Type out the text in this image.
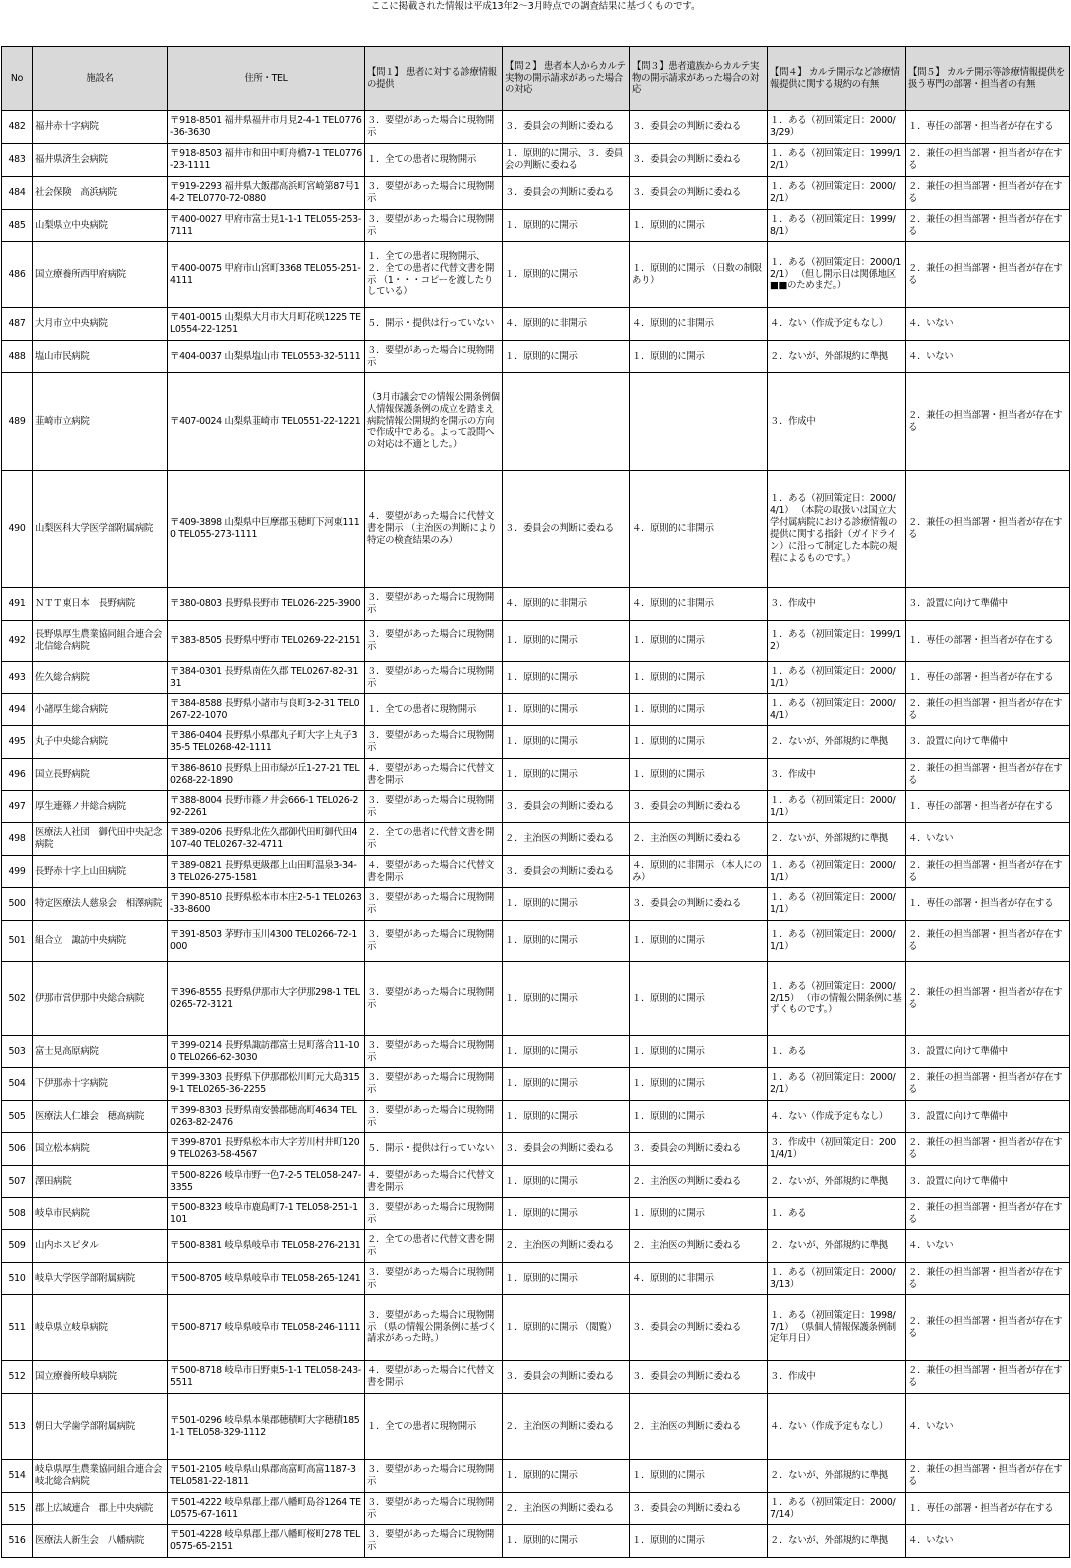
ここに掲載された情報は平成13年2〜3月時点での調査結果に基づくものです。
No	施設名	住所・TEL	【問１】 患者に対する診療情報の提供	【問２】 患者本人からカルテ実物の開示請求があった場合の対応	【問３】患者遺族からカルテ実物の開示請求があった場合の対応	【問４】 カルテ開示など診療情報提供に関する規約の有無	【問５】 カルテ開示等診療情報提供を扱う専門の部署・担当者の有無
482	福井赤十字病院	〒918-8501 福井県福井市月見2-4-1 TEL0776-36-3630	３．要望があった場合に現物開示	３．委員会の判断に委ねる	３．委員会の判断に委ねる	１．ある（初回策定日：2000/3/29）	１．専任の部署・担当者が存在する
483	福井県済生会病院	〒918-8503 福井市和田中町舟橋7-1 TEL0776-23-1111	１．全ての患者に現物開示	１．原則的に開示、３．委員会の判断に委ねる	３．委員会の判断に委ねる	１．ある（初回策定日：1999/12/1）	２．兼任の担当部署・担当者が存在する
484	社会保険　高浜病院	〒919-2293 福井県大飯郡高浜町宮崎第87号14-2 TEL0770-72-0880	３．要望があった場合に現物開示	３．委員会の判断に委ねる	３．委員会の判断に委ねる	１．ある（初回策定日：2000/2/1）	２．兼任の担当部署・担当者が存在する
485	山梨県立中央病院	〒400-0027 甲府市富士見1-1-1 TEL055-253-7111	３．要望があった場合に現物開示	１．原則的に開示	１．原則的に開示	１．ある（初回策定日：1999/8/1）	２．兼任の担当部署・担当者が存在する
486	国立療養所西甲府病院	〒400-0075 甲府市山宮町3368 TEL055-251-4111	１．全ての患者に現物開示、２．全ての患者に代替文書を開示 （1・・・コピーを渡したりしている）	１．原則的に開示	１．原則的に開示 （日数の制限あり）	１．ある（初回策定日：2000/12/1） （但し開示日は関係地区■■のためまだ。）	２．兼任の担当部署・担当者が存在する
487	大月市立中央病院	〒401-0015 山梨県大月市大月町花咲1225 TEL0554-22-1251	５．開示・提供は行っていない	４．原則的に非開示	４．原則的に非開示	４．ない（作成予定もなし）	４．いない
488	塩山市民病院	〒404-0037 山梨県塩山市 TEL0553-32-5111	３．要望があった場合に現物開示	１．原則的に開示	１．原則的に開示	２．ないが、外部規約に準拠	４．いない
489	韮崎市立病院	〒407-0024 山梨県韮崎市 TEL0551-22-1221	（3月市議会での情報公開条例個人情報保護条例の成立を踏まえ病院情報公開規約を開示の方向で作成中である。よって設問への対応は不適とした。）			３．作成中	２．兼任の担当部署・担当者が存在する
490	山梨医科大学医学部附属病院	〒409-3898 山梨県中巨摩郡玉穂町下河東1110 TEL055-273-1111	４．要望があった場合に代替文書を開示 （主治医の判断により特定の検査結果のみ）	３．委員会の判断に委ねる	４．原則的に非開示	１．ある（初回策定日：2000/4/1） （本院の取扱いは国立大学付属病院における診療情報の提供に関する指針（ガイドライン）に沿って制定した本院の規程によるものです。）	２．兼任の担当部署・担当者が存在する
491	ＮＴＴ東日本　長野病院	〒380-0803 長野県長野市 TEL026-225-3900	３．要望があった場合に現物開示	４．原則的に非開示	４．原則的に非開示	３．作成中	３．設置に向けて準備中
492	長野県厚生農業協同組合連合会　北信総合病院	〒383-8505 長野県中野市 TEL0269-22-2151	３．要望があった場合に現物開示	１．原則的に開示	１．原則的に開示	１．ある（初回策定日：1999/12）	１．専任の部署・担当者が存在する
493	佐久総合病院	〒384-0301 長野県南佐久郡 TEL0267-82-3131	３．要望があった場合に現物開示	１．原則的に開示	１．原則的に開示	１．ある（初回策定日：2000/1/1）	１．専任の部署・担当者が存在する
494	小諸厚生総合病院	〒384-8588 長野県小諸市与良町3-2-31 TEL0267-22-1070	１．全ての患者に現物開示	１．原則的に開示	１．原則的に開示	１．ある（初回策定日：2000/4/1）	２．兼任の担当部署・担当者が存在する
495	丸子中央総合病院	〒386-0404 長野県小県郡丸子町大字上丸子335-5 TEL0268-42-1111	３．要望があった場合に現物開示	１．原則的に開示	１．原則的に開示	２．ないが、外部規約に準拠	３．設置に向けて準備中
496	国立長野病院	〒386-8610 長野県上田市緑が丘1-27-21 TEL0268-22-1890	４．要望があった場合に代替文書を開示	１．原則的に開示	１．原則的に開示	３．作成中	２．兼任の担当部署・担当者が存在する
497	厚生連篠ノ井総合病院	〒388-8004 長野市篠ノ井会666-1 TEL026-292-2261	３．要望があった場合に現物開示	３．委員会の判断に委ねる	３．委員会の判断に委ねる	１．ある（初回策定日：2000/1/1）	１．専任の部署・担当者が存在する
498	医療法人社団　御代田中央記念病院	〒389-0206 長野県北佐久郡御代田町御代田4107-40 TEL0267-32-4711	２．全ての患者に代替文書を開示	２．主治医の判断に委ねる	２．主治医の判断に委ねる	２．ないが、外部規約に準拠	４．いない
499	長野赤十字上山田病院	〒389-0821 長野県更級郡上山田町温泉3-34-3 TEL026-275-1581	４．要望があった場合に代替文書を開示	３．委員会の判断に委ねる	４．原則的に非開示 （本人にのみ）	１．ある（初回策定日：2000/1/1）	２．兼任の担当部署・担当者が存在する
500	特定医療法人慈泉会　相澤病院	〒390-8510 長野県松本市本庄2-5-1 TEL0263-33-8600	３．要望があった場合に現物開示	１．原則的に開示	３．委員会の判断に委ねる	１．ある（初回策定日：2000/1/1）	１．専任の部署・担当者が存在する
501	組合立　諏訪中央病院	〒391-8503 茅野市玉川4300 TEL0266-72-1000	３．要望があった場合に現物開示	１．原則的に開示	１．原則的に開示	１．ある（初回策定日：2000/1/1）	２．兼任の担当部署・担当者が存在する
502	伊那市営伊那中央総合病院	〒396-8555 長野県伊那市大字伊那298-1 TEL0265-72-3121	３．要望があった場合に現物開示	１．原則的に開示	１．原則的に開示	１．ある（初回策定日：2000/2/15） （市の情報公開条例に基ずくものです。）	２．兼任の担当部署・担当者が存在する
503	富士見高原病院	〒399-0214 長野県諏訪郡富士見町落合11-100 TEL0266-62-3030	３．要望があった場合に現物開示	１．原則的に開示	１．原則的に開示	１．ある	３．設置に向けて準備中
504	下伊那赤十字病院	〒399-3303 長野県下伊那郡松川町元大島3159-1 TEL0265-36-2255	３．要望があった場合に現物開示	１．原則的に開示	１．原則的に開示	１．ある（初回策定日：2000/2/1）	２．兼任の担当部署・担当者が存在する
505	医療法人仁雄会　穂高病院	〒399-8303 長野県南安曇郡穂高町4634 TEL0263-82-2476	３．要望があった場合に現物開示	１．原則的に開示	１．原則的に開示	４．ない（作成予定もなし）	３．設置に向けて準備中
506	国立松本病院	〒399-8701 長野県松本市大字芳川村井町1209 TEL0263-58-4567	５．開示・提供は行っていない	３．委員会の判断に委ねる	３．委員会の判断に委ねる	３．作成中（初回策定日：2001/4/1）	２．兼任の担当部署・担当者が存在する
507	澤田病院	〒500-8226 岐阜市野一色7-2-5 TEL058-247-3355	４．要望があった場合に代替文書を開示	１．原則的に開示	２．主治医の判断に委ねる	２．ないが、外部規約に準拠	３．設置に向けて準備中
508	岐阜市民病院	〒500-8323 岐阜市鹿島町7-1 TEL058-251-1101	３．要望があった場合に現物開示	１．原則的に開示	１．原則的に開示	１．ある	２．兼任の担当部署・担当者が存在する
509	山内ホスピタル	〒500-8381 岐阜県岐阜市 TEL058-276-2131	２．全ての患者に代替文書を開示	２．主治医の判断に委ねる	２．主治医の判断に委ねる	２．ないが、外部規約に準拠	４．いない
510	岐阜大学医学部附属病院	〒500-8705 岐阜県岐阜市 TEL058-265-1241	３．要望があった場合に現物開示	１．原則的に開示	４．原則的に非開示	１．ある（初回策定日：2000/3/13）	２．兼任の担当部署・担当者が存在する
511	岐阜県立岐阜病院	〒500-8717 岐阜県岐阜市 TEL058-246-1111	３．要望があった場合に現物開示 （県の情報公開条例に基づく請求があった時。）	１．原則的に開示 （閲覧）	３．委員会の判断に委ねる	１．ある（初回策定日：1998/7/1） （県個人情報保護条例制定年月日）	２．兼任の担当部署・担当者が存在する
512	国立療養所岐阜病院	〒500-8718 岐阜市日野東5-1-1 TEL058-243-5511	４．要望があった場合に代替文書を開示	３．委員会の判断に委ねる	３．委員会の判断に委ねる	３．作成中	２．兼任の担当部署・担当者が存在する
513	朝日大学歯学部附属病院	〒501-0296 岐阜県本巣郡穂積町大字穂積1851-1 TEL058-329-1112	１．全ての患者に現物開示	２．主治医の判断に委ねる	２．主治医の判断に委ねる	４．ない（作成予定もなし）	４．いない
514	岐阜県厚生農業協同組合連合会　岐北総合病院	〒501-2105 岐阜県山県郡高富町高富1187-3 TEL0581-22-1811	３．要望があった場合に現物開示	１．原則的に開示	１．原則的に開示	２．ないが、外部規約に準拠	２．兼任の担当部署・担当者が存在する
515	郡上広域連合　郡上中央病院	〒501-4222 岐阜県郡上郡八幡町島谷1264 TEL0575-67-1611	３．要望があった場合に現物開示	２．主治医の判断に委ねる	３．委員会の判断に委ねる	１．ある（初回策定日：2000/7/14）	１．専任の部署・担当者が存在する
516	医療法人新生会　八幡病院	〒501-4228 岐阜県郡上郡八幡町桜町278 TEL0575-65-2151	３．要望があった場合に現物開示	１．原則的に開示	１．原則的に開示	２．ないが、外部規約に準拠	４．いない
